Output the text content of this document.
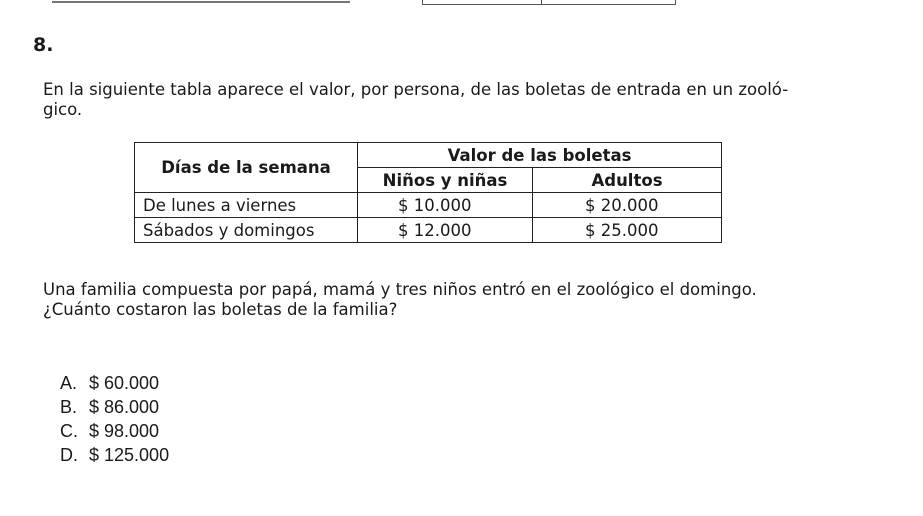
8.

En la siguiente tabla aparece el valor, por persona, de las boletas de entrada en un zooló-
gico.

Días de la semana	Valor de las boletas	
	Niños y niñas	Adultos
De lunes a viernes	$ 10.000	$ 20.000
Sábados y domingos	$ 12.000	$ 25.000

Una familia compuesta por papá, mamá y tres niños entró en el zoológico el domingo.
¿Cuánto costaron las boletas de la familia?

A. $ 60.000
B. $ 86.000
C. $ 98.000
D. $ 125.000
